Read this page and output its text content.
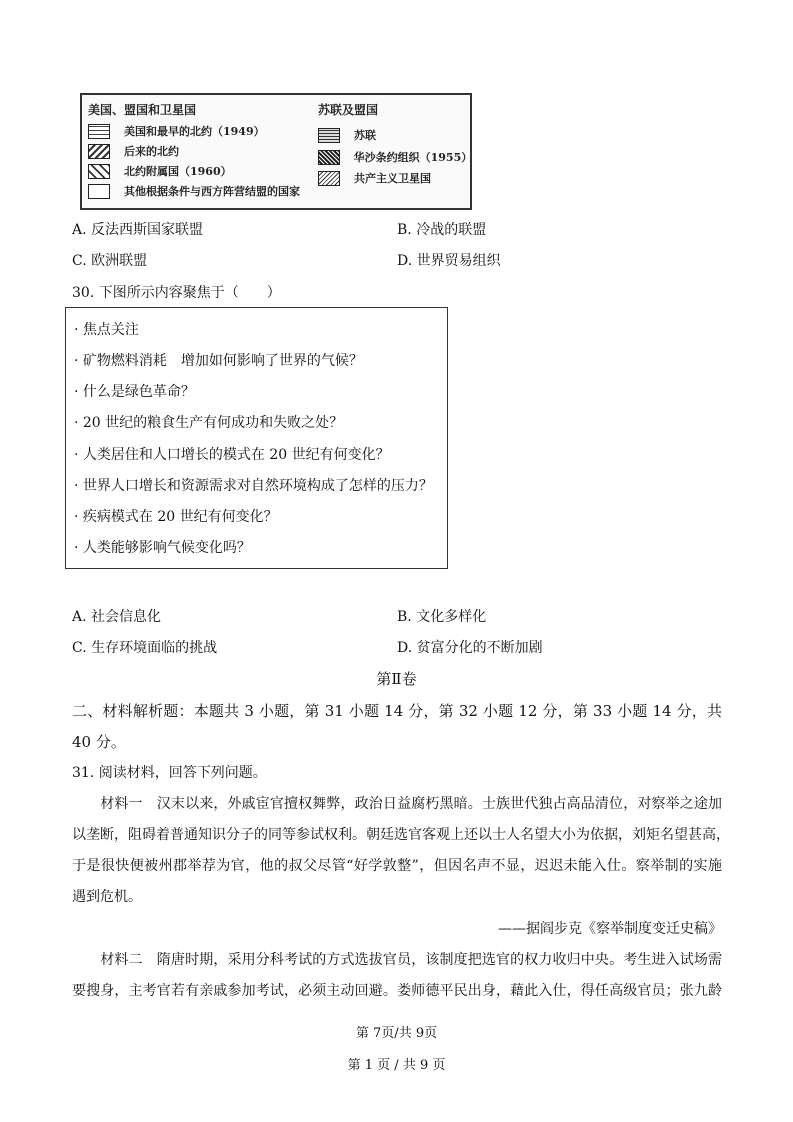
美国、盟国和卫星国
美国和最早的北约（1949）
后来的北约
北约附属国（1960）
其他根据条件与西方阵营结盟的国家
苏联及盟国
苏联
华沙条约组织（1955）
共产主义卫星国
A. 反法西斯国家联盟	B. 冷战的联盟
C. 欧洲联盟	D. 世界贸易组织
30. 下图所示内容聚焦于（　　）
· 焦点关注
· 矿物燃料消耗　增加如何影响了世界的气候？
· 什么是绿色革命？
· 20 世纪的粮食生产有何成功和失败之处？
· 人类居住和人口增长的模式在 20 世纪有何变化？
· 世界人口增长和资源需求对自然环境构成了怎样的压力？
· 疾病模式在 20 世纪有何变化？
· 人类能够影响气候变化吗？
A. 社会信息化	B. 文化多样化
C. 生存环境面临的挑战	D. 贫富分化的不断加剧
第Ⅱ卷
二、材料解析题：本题共 3 小题，第 31 小题 14 分，第 32 小题 12 分，第 33 小题 14 分，共
40 分。
31. 阅读材料，回答下列问题。
　　材料一　汉末以来，外戚宦官擅权舞弊，政治日益腐朽黑暗。士族世代独占高品清位，对察举之途加
以垄断，阻碍着普通知识分子的同等参试权利。朝廷选官客观上还以士人名望大小为依据，刘矩名望甚高，
于是很快便被州郡举荐为官，他的叔父尽管“好学敦整”，但因名声不显，迟迟未能入仕。察举制的实施
遇到危机。
——据阎步克《察举制度变迁史稿》
　　材料二　隋唐时期，采用分科考试的方式选拔官员，该制度把选官的权力收归中央。考生进入试场需
要搜身，主考官若有亲戚参加考试，必须主动回避。娄师德平民出身，藉此入仕，得任高级官员；张九龄
第 7页/共 9页
第 1 页 / 共 9 页
